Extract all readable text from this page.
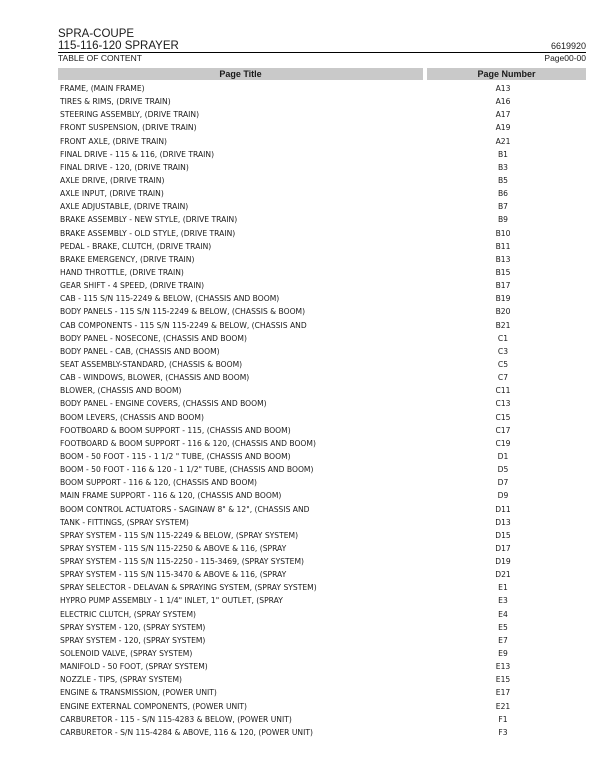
SPRA-COUPE
115-116-120 SPRAYER	6619920
TABLE OF CONTENT	Page00-00
Page Title	Page Number
FRAME, (MAIN FRAME)	A13
TIRES & RIMS, (DRIVE TRAIN)	A16
STEERING ASSEMBLY, (DRIVE TRAIN)	A17
FRONT SUSPENSION, (DRIVE TRAIN)	A19
FRONT AXLE, (DRIVE TRAIN)	A21
FINAL DRIVE - 115 & 116, (DRIVE TRAIN)	B1
FINAL DRIVE - 120, (DRIVE TRAIN)	B3
AXLE DRIVE, (DRIVE TRAIN)	B5
AXLE INPUT, (DRIVE TRAIN)	B6
AXLE ADJUSTABLE, (DRIVE TRAIN)	B7
BRAKE ASSEMBLY - NEW STYLE, (DRIVE TRAIN)	B9
BRAKE ASSEMBLY - OLD STYLE, (DRIVE TRAIN)	B10
PEDAL - BRAKE, CLUTCH, (DRIVE TRAIN)	B11
BRAKE EMERGENCY, (DRIVE TRAIN)	B13
HAND THROTTLE, (DRIVE TRAIN)	B15
GEAR SHIFT - 4 SPEED, (DRIVE TRAIN)	B17
CAB - 115 S/N 115-2249 & BELOW, (CHASSIS AND BOOM)	B19
BODY PANELS - 115 S/N 115-2249 & BELOW, (CHASSIS & BOOM)	B20
CAB COMPONENTS - 115 S/N 115-2249 & BELOW, (CHASSIS AND	B21
BODY PANEL - NOSECONE, (CHASSIS AND BOOM)	C1
BODY PANEL - CAB, (CHASSIS AND BOOM)	C3
SEAT ASSEMBLY-STANDARD, (CHASSIS & BOOM)	C5
CAB - WINDOWS, BLOWER, (CHASSIS AND BOOM)	C7
BLOWER, (CHASSIS AND BOOM)	C11
BODY PANEL - ENGINE COVERS, (CHASSIS AND BOOM)	C13
BOOM LEVERS, (CHASSIS AND BOOM)	C15
FOOTBOARD & BOOM SUPPORT - 115, (CHASSIS AND BOOM)	C17
FOOTBOARD & BOOM SUPPORT - 116 & 120, (CHASSIS AND BOOM)	C19
BOOM - 50 FOOT - 115 - 1 1/2 " TUBE, (CHASSIS AND BOOM)	D1
BOOM - 50 FOOT - 116 & 120 - 1 1/2" TUBE, (CHASSIS AND BOOM)	D5
BOOM SUPPORT - 116 & 120, (CHASSIS AND BOOM)	D7
MAIN FRAME SUPPORT - 116 & 120, (CHASSIS AND BOOM)	D9
BOOM CONTROL ACTUATORS - SAGINAW 8" & 12", (CHASSIS AND	D11
TANK - FITTINGS, (SPRAY SYSTEM)	D13
SPRAY SYSTEM - 115 S/N 115-2249 & BELOW, (SPRAY SYSTEM)	D15
SPRAY SYSTEM - 115 S/N 115-2250 & ABOVE & 116, (SPRAY	D17
SPRAY SYSTEM - 115 S/N 115-2250 - 115-3469, (SPRAY SYSTEM)	D19
SPRAY SYSTEM - 115 S/N 115-3470 & ABOVE & 116, (SPRAY	D21
SPRAY SELECTOR - DELAVAN & SPRAYING SYSTEM, (SPRAY SYSTEM)	E1
HYPRO PUMP ASSEMBLY - 1 1/4" INLET, 1" OUTLET, (SPRAY	E3
ELECTRIC CLUTCH, (SPRAY SYSTEM)	E4
SPRAY SYSTEM - 120, (SPRAY SYSTEM)	E5
SPRAY SYSTEM - 120, (SPRAY SYSTEM)	E7
SOLENOID VALVE, (SPRAY SYSTEM)	E9
MANIFOLD - 50 FOOT, (SPRAY SYSTEM)	E13
NOZZLE - TIPS, (SPRAY SYSTEM)	E15
ENGINE & TRANSMISSION, (POWER UNIT)	E17
ENGINE EXTERNAL COMPONENTS, (POWER UNIT)	E21
CARBURETOR - 115 - S/N 115-4283 & BELOW, (POWER UNIT)	F1
CARBURETOR - S/N 115-4284 & ABOVE, 116 & 120, (POWER UNIT)	F3
